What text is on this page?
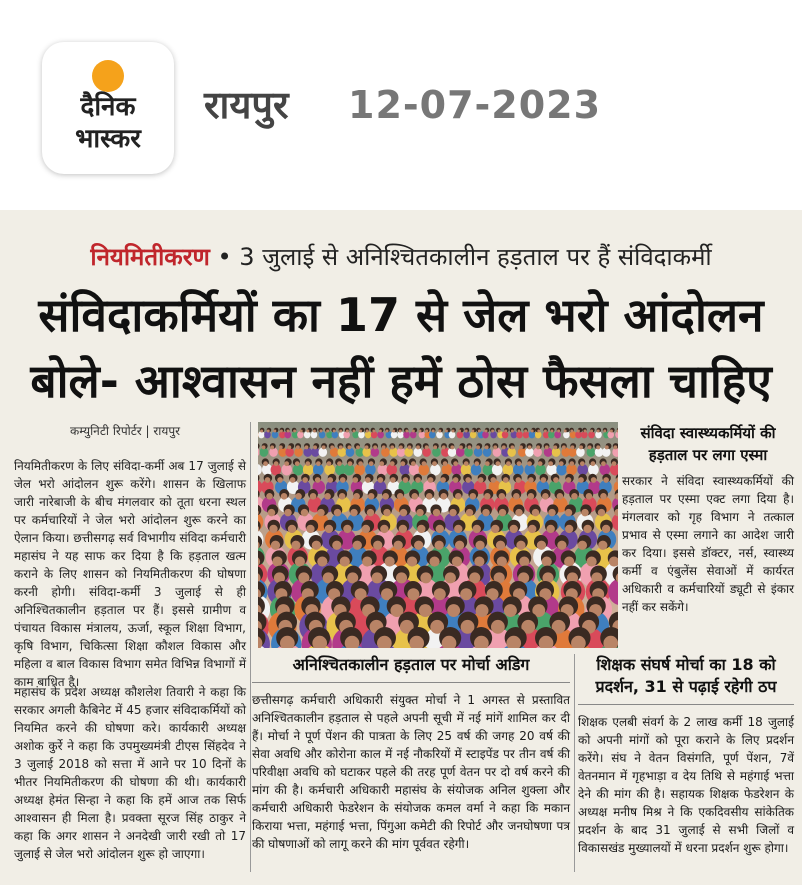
दैनिक
भास्कर
रायपुर 12-07-2023
नियमितीकरण • 3 जुलाई से अनिश्चितकालीन हड़ताल पर हैं संविदाकर्मी
संविदाकर्मियों का 17 से जेल भरो आंदोलन
बोले- आश्वासन नहीं हमें ठोस फैसला चाहिए
कम्युनिटी रिपोर्टर | रायपुर
नियमितीकरण के लिए संविदा-कर्मी अब 17 जुलाई से जेल भरो आंदोलन शुरू करेंगे। शासन के खिलाफ जारी नारेबाजी के बीच मंगलवार को तूता धरना स्थल पर कर्मचारियों ने जेल भरो आंदोलन शुरू करने का ऐलान किया। छत्तीसगढ़ सर्व विभागीय संविदा कर्मचारी महासंघ ने यह साफ कर दिया है कि हड़ताल खत्म कराने के लिए शासन को नियमितीकरण की घोषणा करनी होगी। संविदा-कर्मी 3 जुलाई से ही अनिश्चितकालीन हड़ताल पर हैं। इससे ग्रामीण व पंचायत विकास मंत्रालय, ऊर्जा, स्कूल शिक्षा विभाग, कृषि विभाग, चिकित्सा शिक्षा कौशल विकास और महिला व बाल विकास विभाग समेत विभिन्न विभागों में काम बाधित है।
महासंघ के प्रदेश अध्यक्ष कौशलेश तिवारी ने कहा कि सरकार अगली कैबिनेट में 45 हजार संविदाकर्मियों को नियमित करने की घोषणा करे। कार्यकारी अध्यक्ष अशोक कुर्रे ने कहा कि उपमुख्यमंत्री टीएस सिंहदेव ने 3 जुलाई 2018 को सत्ता में आने पर 10 दिनों के भीतर नियमितीकरण की घोषणा की थी। कार्यकारी अध्यक्ष हेमंत सिन्हा ने कहा कि हमें आज तक सिर्फ आश्वासन ही मिला है। प्रवक्ता सूरज सिंह ठाकुर ने कहा कि अगर शासन ने अनदेखी जारी रखी तो 17 जुलाई से जेल भरो आंदोलन शुरू हो जाएगा।
संविदा स्वास्थ्यकर्मियों की हड़ताल पर लगा एस्मा
सरकार ने संविदा स्वास्थ्यकर्मियों की हड़ताल पर एस्मा एक्ट लगा दिया है। मंगलवार को गृह विभाग ने तत्काल प्रभाव से एस्मा लगाने का आदेश जारी कर दिया। इससे डॉक्टर, नर्स, स्वास्थ्य कर्मी व एंबुलेंस सेवाओं में कार्यरत अधिकारी व कर्मचारियों ड्यूटी से इंकार नहीं कर सकेंगे।
अनिश्चितकालीन हड़ताल पर मोर्चा अडिग
छत्तीसगढ़ कर्मचारी अधिकारी संयुक्त मोर्चा ने 1 अगस्त से प्रस्तावित अनिश्चितकालीन हड़ताल से पहले अपनी सूची में नई मांगें शामिल कर दी हैं। मोर्चा ने पूर्ण पेंशन की पात्रता के लिए 25 वर्ष की जगह 20 वर्ष की सेवा अवधि और कोरोना काल में नई नौकरियों में स्टाइपेंड पर तीन वर्ष की परिवीक्षा अवधि को घटाकर पहले की तरह पूर्ण वेतन पर दो वर्ष करने की मांग की है। कर्मचारी अधिकारी महासंघ के संयोजक अनिल शुक्ला और कर्मचारी अधिकारी फेडरेशन के संयोजक कमल वर्मा ने कहा कि मकान किराया भत्ता, महंगाई भत्ता, पिंगुआ कमेटी की रिपोर्ट और जनघोषणा पत्र की घोषणाओं को लागू करने की मांग पूर्ववत रहेगी।
शिक्षक संघर्ष मोर्चा का 18 को प्रदर्शन, 31 से पढ़ाई रहेगी ठप
शिक्षक एलबी संवर्ग के 2 लाख कर्मी 18 जुलाई को अपनी मांगों को पूरा कराने के लिए प्रदर्शन करेंगे। संघ ने वेतन विसंगति, पूर्ण पेंशन, 7वें वेतनमान में गृहभाड़ा व देय तिथि से महंगाई भत्ता देने की मांग की है। सहायक शिक्षक फेडरेशन के अध्यक्ष मनीष मिश्र ने कि एकदिवसीय सांकेतिक प्रदर्शन के बाद 31 जुलाई से सभी जिलों व विकासखंड मुख्यालयों में धरना प्रदर्शन शुरू होगा।
